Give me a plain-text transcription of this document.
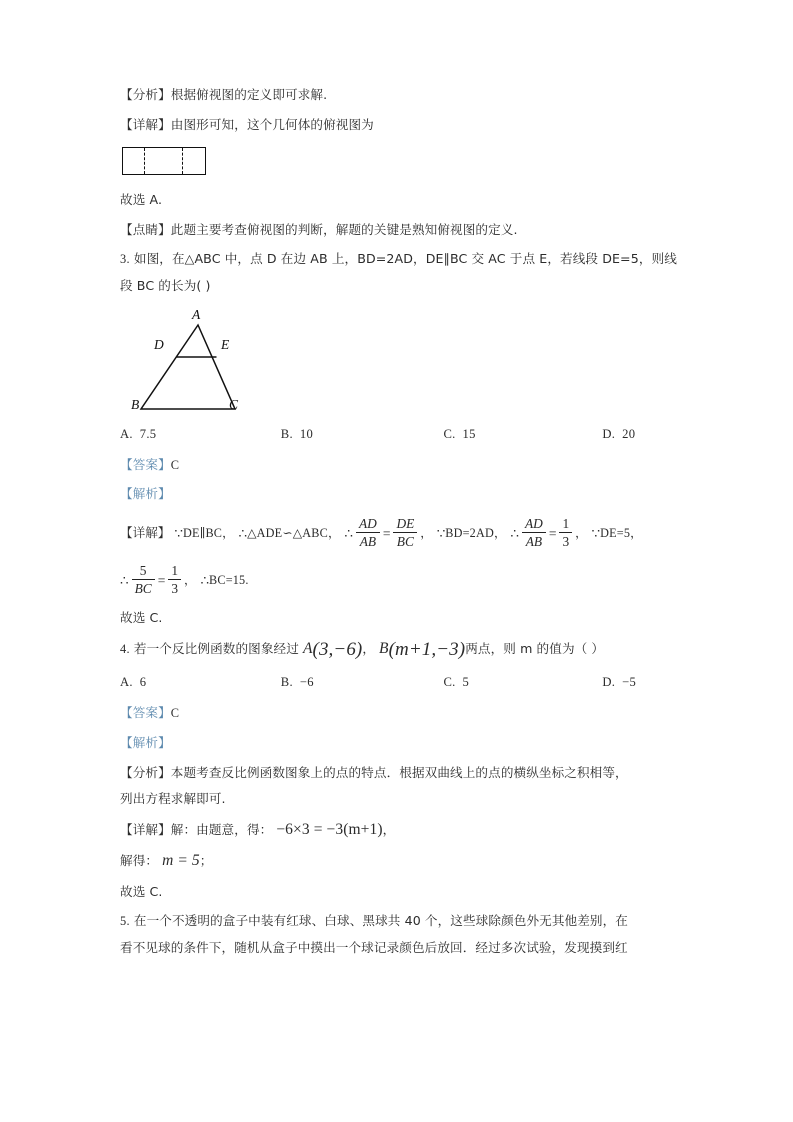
【分析】根据俯视图的定义即可求解.
【详解】由图形可知，这个几何体的俯视图为
故选 A.
【点睛】此题主要考查俯视图的判断，解题的关键是熟知俯视图的定义.
3. 如图，在△ABC 中，点 D 在边 AB 上，BD=2AD，DE∥BC 交 AC 于点 E，若线段 DE=5，则线
段 BC 的长为( )
A
D	E
B	C
A. 7.5	B. 10	C. 15	D. 20
【答案】C
【解析】
【详解】 ∵ DE∥BC， ∴ △ADE∽△ABC， ∴ $\frac{AD}{AB} = \frac{DE}{BC}$ ， ∵ BD=2AD， ∴ $\frac{AD}{AB} = \frac{1}{3}$ ， ∵ DE=5，
∴ $\frac{5}{BC} = \frac{1}{3}$ ， ∴ BC=15.
故选 C.
4. 若一个反比例函数的图象经过 A(3,−6)， B(m+1,−3)两点，则 m 的值为（ ）
A. 6	B. −6	C. 5	D. −5
【答案】C
【解析】
【分析】本题考查反比例函数图象上的点的特点．根据双曲线上的点的横纵坐标之积相等，
列出方程求解即可.
【详解】解：由题意，得： −6×3 = −3(m+1)，
解得： m = 5；
故选 C.
5. 在一个不透明的盒子中装有红球、白球、黑球共 40 个，这些球除颜色外无其他差别，在
看不见球的条件下，随机从盒子中摸出一个球记录颜色后放回．经过多次试验，发现摸到红
